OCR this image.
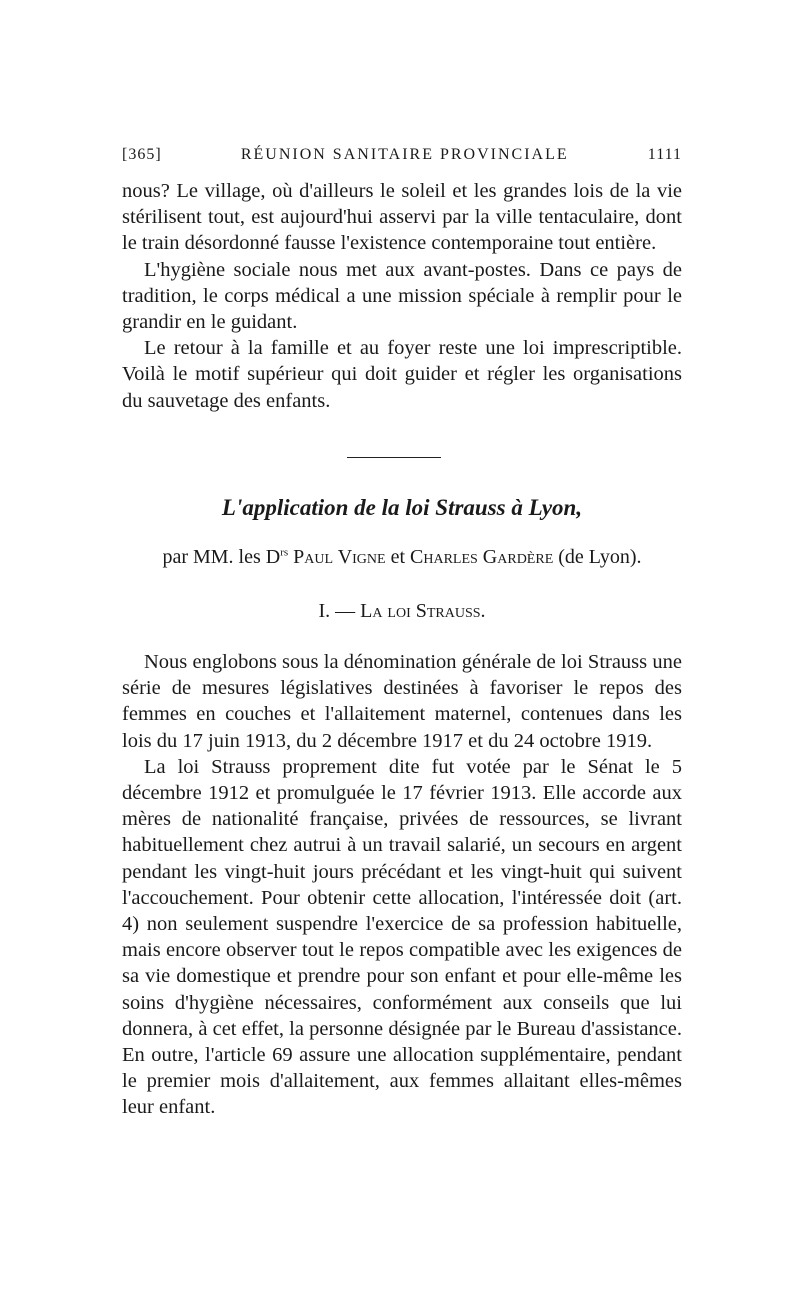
[365]	RÉUNION SANITAIRE PROVINCIALE	1111

nous? Le village, où d'ailleurs le soleil et les grandes lois de la vie stérilisent tout, est aujourd'hui asservi par la ville tentaculaire, dont le train désordonné fausse l'existence contemporaine tout entière.

L'hygiène sociale nous met aux avant-postes. Dans ce pays de tradition, le corps médical a une mission spéciale à remplir pour le grandir en le guidant.

Le retour à la famille et au foyer reste une loi imprescriptible. Voilà le motif supérieur qui doit guider et régler les organisations du sauvetage des enfants.

L'application de la loi Strauss à Lyon,
par MM. les $D^{rs}$ Paul Vigne et Charles Gardère (de Lyon).
I. — La loi Strauss.

Nous englobons sous la dénomination générale de loi Strauss une série de mesures législatives destinées à favoriser le repos des femmes en couches et l'allaitement maternel, contenues dans les lois du 17 juin 1913, du 2 décembre 1917 et du 24 octobre 1919.

La loi Strauss proprement dite fut votée par le Sénat le 5 décembre 1912 et promulguée le 17 février 1913. Elle accorde aux mères de nationalité française, privées de ressources, se livrant habituellement chez autrui à un travail salarié, un secours en argent pendant les vingt-huit jours précédant et les vingt-huit qui suivent l'accouchement. Pour obtenir cette allocation, l'intéressée doit (art. 4) non seulement suspendre l'exercice de sa profession habituelle, mais encore observer tout le repos compatible avec les exigences de sa vie domestique et prendre pour son enfant et pour elle-même les soins d'hygiène nécessaires, conformément aux conseils que lui donnera, à cet effet, la personne désignée par le Bureau d'assistance. En outre, l'article 69 assure une allocation supplémentaire, pendant le premier mois d'allaitement, aux femmes allaitant elles-mêmes leur enfant.
